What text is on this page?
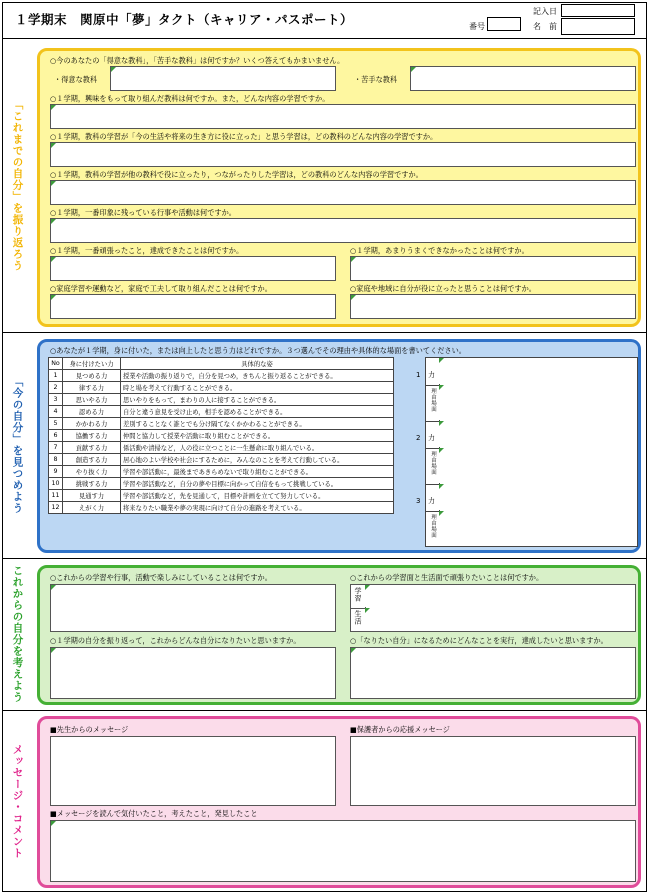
１学期末　関原中「夢」タクト（キャリア・パスポート）	番号
記入日
名　前
「これまでの自分」を振り返ろう
○今のあなたの「得意な教科」，「苦手な教科」は何ですか？いくつ答えてもかまいません。
・得意な教科	・苦手な教科
○１学期，興味をもって取り組んだ教科は何ですか。また，どんな内容の学習ですか。
○１学期，教科の学習が「今の生活や将来の生き方に役に立った」と思う学習は，どの教科のどんな内容の学習ですか。
○１学期，教科の学習が他の教科で役に立ったり，つながったりした学習は，どの教科のどんな内容の学習ですか。
○１学期，一番印象に残っている行事や活動は何ですか。
○１学期，一番頑張ったこと，達成できたことは何ですか。	○１学期，あまりうまくできなかったことは何ですか。
○家庭学習や運動など，家庭で工夫して取り組んだことは何ですか。	○家庭や地域に自分が役に立ったと思うことは何ですか。
「今の自分」を見つめよう
○あなたが１学期，身に付いた，または向上したと思う力はどれですか。３つ選んでその理由や具体的な場面を書いてください。
No	身に付けたい力	具体的な姿
1	見つめる力	授業や活動の振り返りで，自分を見つめ，きちんと振り返ることができる。
2	律する力	時と場を考えて行動することができる。
3	思いやる力	思いやりをもって，まわりの人に接することができる。
4	認める力	自分と違う意見を受け止め，相手を認めることができる。
5	かかわる力	差別することなく誰とでも分け隔てなくかかわることができる。
6	協働する力	仲間と協力して授業や活動に取り組むことができる。
7	貢献する力	係活動や清掃など，人の役に立つことに一生懸命に取り組んでいる。
8	創造する力	居心地のよい学校や社会にするために，みんなのことを考えて行動している。
9	やり抜く力	学習や部活動に，最後まであきらめないで取り組むことができる。
10	挑戦する力	学習や部活動など，自分の夢や目標に向かって自信をもって挑戦している。
11	見通す力	学習や部活動など，先を見通して，目標や計画を立てて努力している。
12	えがく力	将来なりたい職業や夢の実現に向けて自分の進路を考えている。
1 力
理由場面
2 力
理由場面
3 力
理由場面
これからの自分を考えよう	○これからの学習や行事，活動で楽しみにしていることは何ですか。	○これからの学習面と生活面で頑張りたいことは何ですか。
学習
生活
○１学期の自分を振り返って，これからどんな自分になりたいと思いますか。	○「なりたい自分」になるためにどんなことを実行，達成したいと思いますか。
メッセージ・コメント
■先生からのメッセージ	■保護者からの応援メッセージ
■メッセージを読んで気付いたこと，考えたこと，発見したこと
